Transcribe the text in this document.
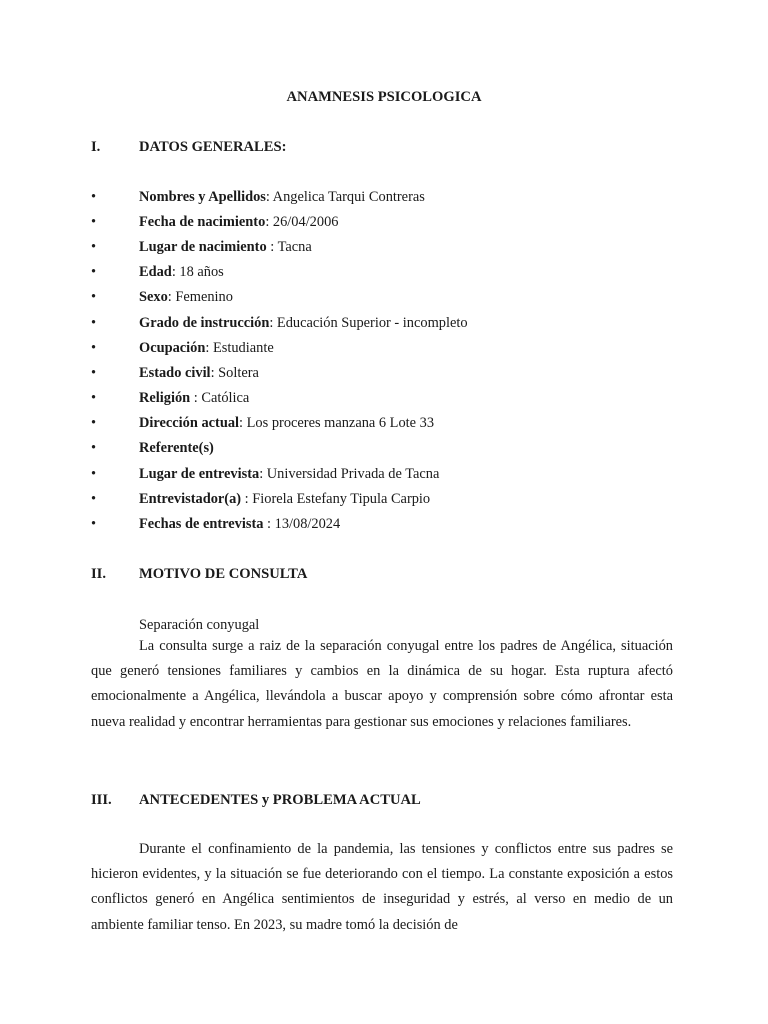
ANAMNESIS PSICOLOGICA
I.	DATOS GENERALES:
•	Nombres y Apellidos: Angelica Tarqui Contreras
•	Fecha de nacimiento: 26/04/2006
•	Lugar de nacimiento : Tacna
•	Edad: 18 años
•	Sexo: Femenino
•	Grado de instrucción: Educación Superior - incompleto
•	Ocupación: Estudiante
•	Estado civil: Soltera
•	Religión : Católica
•	Dirección actual: Los proceres manzana 6 Lote 33
•	Referente(s)
•	Lugar de entrevista: Universidad Privada de Tacna
•	Entrevistador(a) : Fiorela Estefany Tipula Carpio
•	Fechas de entrevista : 13/08/2024
II. MOTIVO DE CONSULTA
Separación conyugal

La consulta surge a raiz de la separación conyugal entre los padres de Angélica, situación que generó tensiones familiares y cambios en la dinámica de su hogar. Esta ruptura afectó emocionalmente a Angélica, llevándola a buscar apoyo y comprensión sobre cómo afrontar esta nueva realidad y encontrar herramientas para gestionar sus emociones y relaciones familiares.

III. ANTECEDENTES y PROBLEMA ACTUAL

Durante el confinamiento de la pandemia, las tensiones y conflictos entre sus padres se hicieron evidentes, y la situación se fue deteriorando con el tiempo. La constante exposición a estos conflictos generó en Angélica sentimientos de inseguridad y estrés, al verso en medio de un ambiente familiar tenso. En 2023, su madre tomó la decisión de
